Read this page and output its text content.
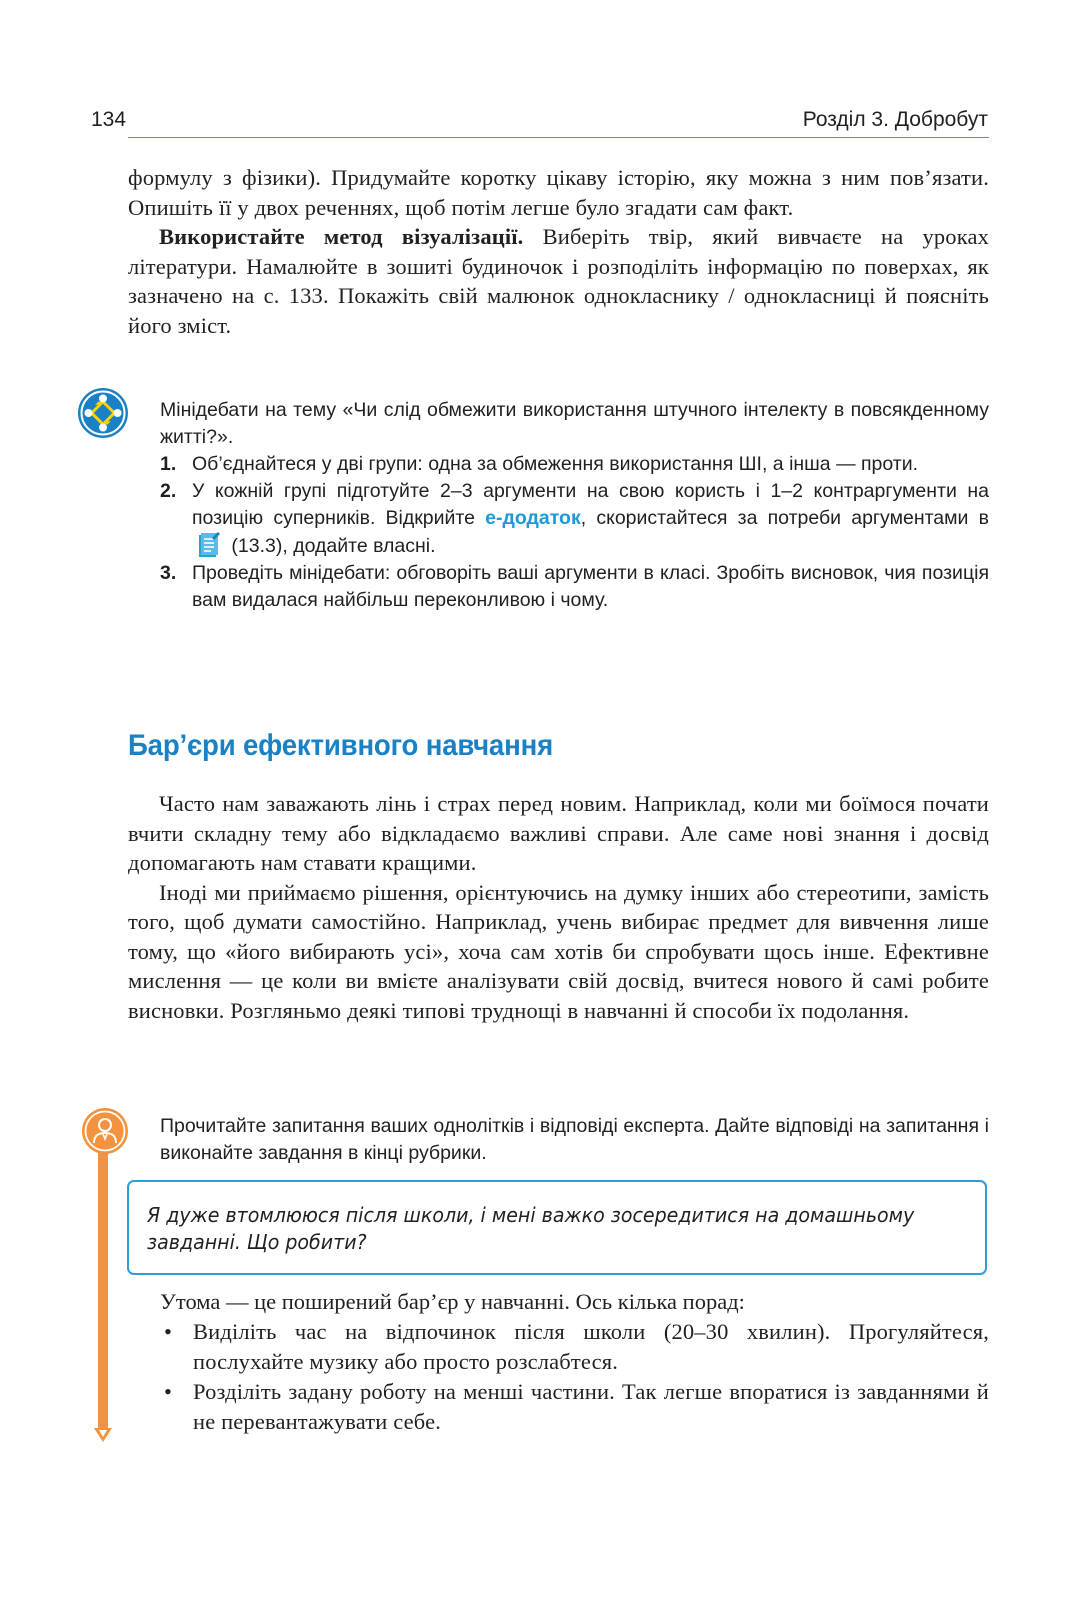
134	Розділ 3. Добробут

формулу з фізики). Придумайте коротку цікаву історію, яку можна з ним пов’язати. Опишіть її у двох реченнях, щоб потім легше було згадати сам факт.

Використайте метод візуалізації. Виберіть твір, який вивчаєте на уроках літератури. Намалюйте в зошиті будиночок і розподіліть інформацію по поверхах, як зазначено на с. 133. Покажіть свій малюнок однокласнику / однокласниці й поясніть його зміст.

Мінідебати на тему «Чи слід обмежити використання штучного інтелекту в повсякденному житті?».

1. Об’єднайтеся у дві групи: одна за обмеження використання ШІ, а інша — проти.
2. У кожній групі підготуйте 2–3 аргументи на свою користь і 1–2 контраргументи на позицію суперників. Відкрийте е-додаток, скористайтеся за потреби аргументами в  (13.3), додайте власні.
3. Проведіть мінідебати: обговоріть ваші аргументи в класі. Зробіть висновок, чия позиція вам видалася найбільш переконливою і чому.
Бар’єри ефективного навчання

Часто нам заважають лінь і страх перед новим. Наприклад, коли ми боїмося почати вчити складну тему або відкладаємо важливі справи. Але саме нові знання і досвід допомагають нам ставати кращими.

Іноді ми приймаємо рішення, орієнтуючись на думку інших або стереотипи, замість того, щоб думати самостійно. Наприклад, учень вибирає предмет для вивчення лише тому, що «його вибирають усі», хоча сам хотів би спробувати щось інше. Ефективне мислення — це коли ви вмієте аналізувати свій досвід, вчитеся нового й самі робите висновки. Розгляньмо деякі типові труднощі в навчанні й способи їх подолання.

Прочитайте запитання ваших однолітків і відповіді експерта. Дайте відповіді на запитання і виконайте завдання в кінці рубрики.
Я дуже втомлююся після школи, і мені важко зосередитися на домашньому завданні. Що робити?
Утома — це поширений бар’єр у навчанні. Ось кілька порад:
• Виділіть час на відпочинок після школи (20–30 хвилин). Прогуляйтеся, послухайте музику або просто розслабтеся.
• Розділіть задану роботу на менші частини. Так легше впоратися із завданнями й не перевантажувати себе.
